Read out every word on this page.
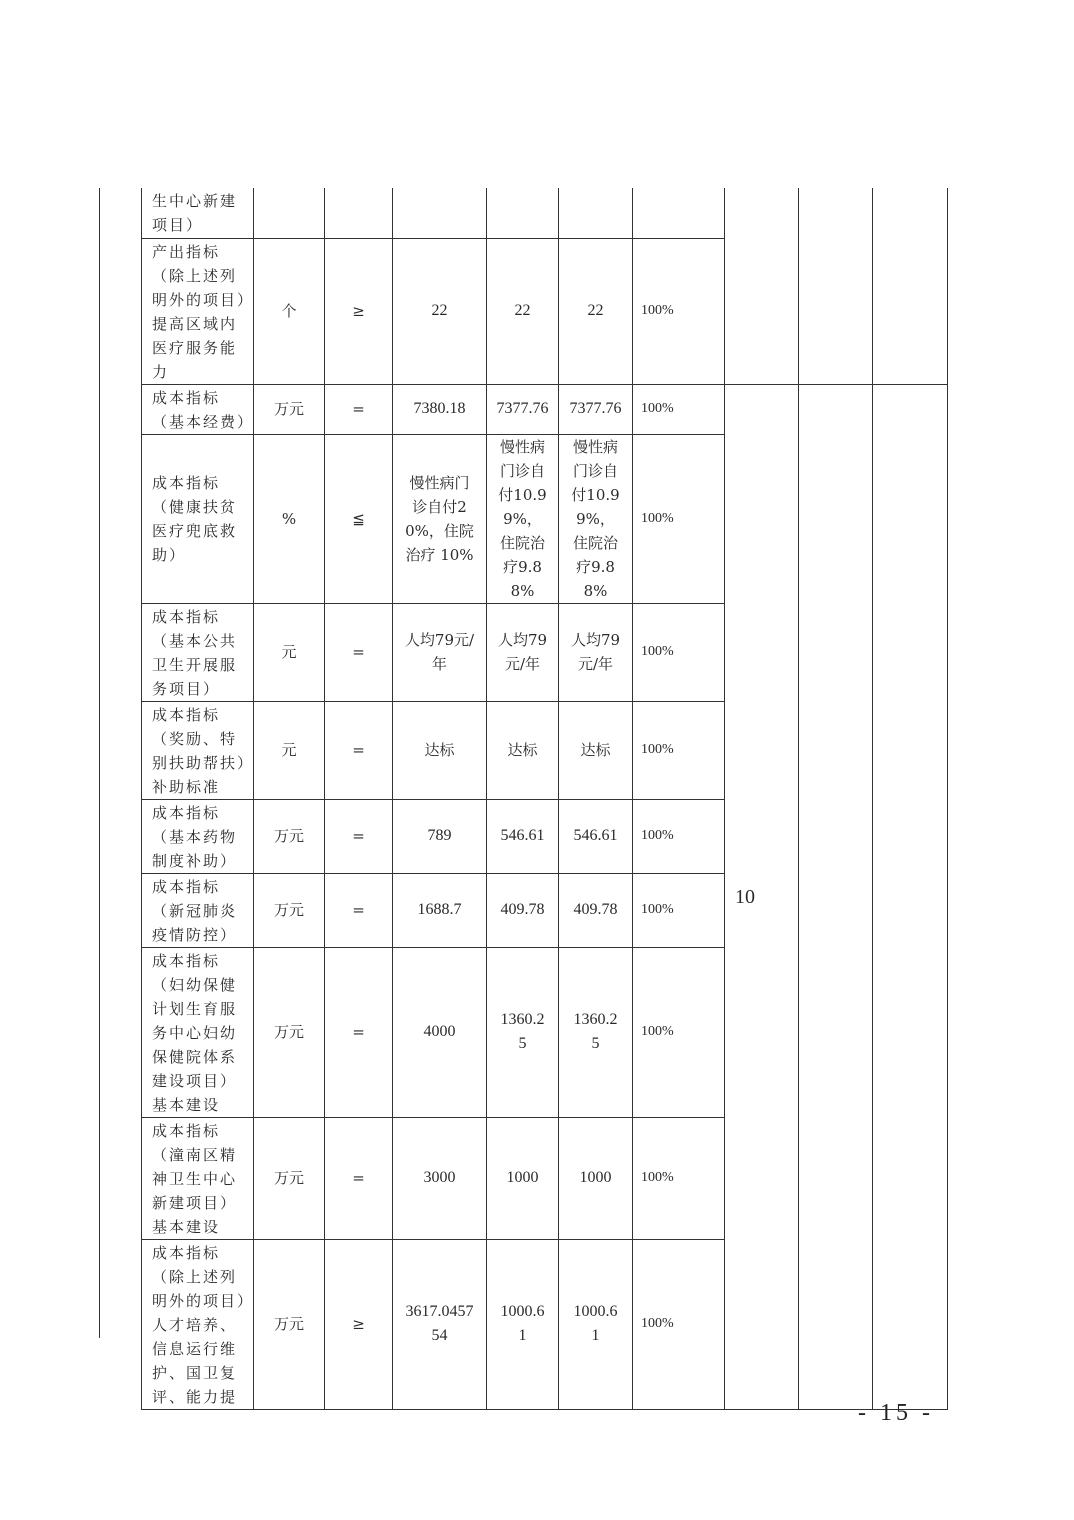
生中心新建项目）									
产出指标（除上述列明外的项目）提高区域内医疗服务能力	个	≥	22	22	22	100%			
成本指标（基本经费）	万元	=	7380.18	7377.76	7377.76	100%	10		
成本指标（健康扶贫医疗兜底救助）	%	≦	慢性病门诊自付20%，住院治疗 10%	慢性病门诊自付10.99%，住院治疗9.88%	慢性病门诊自付10.99%，住院治疗9.88%	100%			
成本指标（基本公共卫生开展服务项目）	元	=	人均79元/年	人均79元/年	人均79元/年	100%			
成本指标（奖励、特别扶助帮扶）补助标准	元	=	达标	达标	达标	100%			
成本指标（基本药物制度补助）	万元	=	789	546.61	546.61	100%			
成本指标（新冠肺炎疫情防控）	万元	=	1688.7	409.78	409.78	100%			
成本指标（妇幼保健计划生育服务中心妇幼保健院体系建设项目）基本建设	万元	=	4000	1360.25	1360.25	100%			
成本指标（潼南区精神卫生中心新建项目）基本建设	万元	=	3000	1000	1000	100%			
成本指标（除上述列明外的项目）人才培养、信息运行维护、国卫复评、能力提	万元	≥	3617.045754	1000.61	1000.61	100%			
- 15 -
